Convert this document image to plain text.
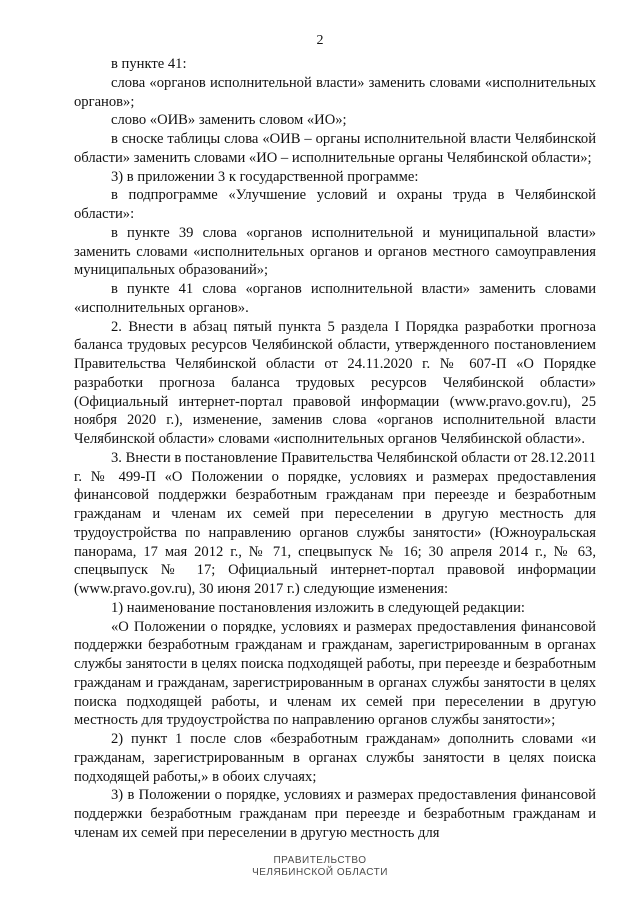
2

в пункте 41:

слова «органов исполнительной власти» заменить словами «исполнительных органов»;

слово «ОИВ» заменить словом «ИО»;

в сноске таблицы слова «ОИВ – органы исполнительной власти Челябинской области» заменить словами «ИО – исполнительные органы Челябинской области»;

3) в приложении 3 к государственной программе:

в подпрограмме «Улучшение условий и охраны труда в Челябинской области»:

в пункте 39 слова «органов исполнительной и муниципальной власти» заменить словами «исполнительных органов и органов местного самоуправления муниципальных образований»;

в пункте 41 слова «органов исполнительной власти» заменить словами «исполнительных органов».

2. Внести в абзац пятый пункта 5 раздела I Порядка разработки прогноза баланса трудовых ресурсов Челябинской области, утвержденного постановлением Правительства Челябинской области от 24.11.2020 г. № 607-П «О Порядке разработки прогноза баланса трудовых ресурсов Челябинской области» (Официальный интернет-портал правовой информации (www.pravo.gov.ru), 25 ноября 2020 г.), изменение, заменив слова «органов исполнительной власти Челябинской области» словами «исполнительных органов Челябинской области».

3. Внести в постановление Правительства Челябинской области от 28.12.2011 г. № 499-П «О Положении о порядке, условиях и размерах предоставления финансовой поддержки безработным гражданам при переезде и безработным гражданам и членам их семей при переселении в другую местность для трудоустройства по направлению органов службы занятости» (Южноуральская панорама, 17 мая 2012 г., № 71, спецвыпуск № 16; 30 апреля 2014 г., № 63, спецвыпуск № 17; Официальный интернет-портал правовой информации (www.pravo.gov.ru), 30 июня 2017 г.) следующие изменения:

1) наименование постановления изложить в следующей редакции:

«О Положении о порядке, условиях и размерах предоставления финансовой поддержки безработным гражданам и гражданам, зарегистрированным в органах службы занятости в целях поиска подходящей работы, при переезде и безработным гражданам и гражданам, зарегистрированным в органах службы занятости в целях поиска подходящей работы, и членам их семей при переселении в другую местность для трудоустройства по направлению органов службы занятости»;

2) пункт 1 после слов «безработным гражданам» дополнить словами «и гражданам, зарегистрированным в органах службы занятости в целях поиска подходящей работы,» в обоих случаях;

3) в Положении о порядке, условиях и размерах предоставления финансовой поддержки безработным гражданам при переезде и безработным гражданам и членам их семей при переселении в другую местность для

ПРАВИТЕЛЬСТВО
ЧЕЛЯБИНСКОЙ ОБЛАСТИ
